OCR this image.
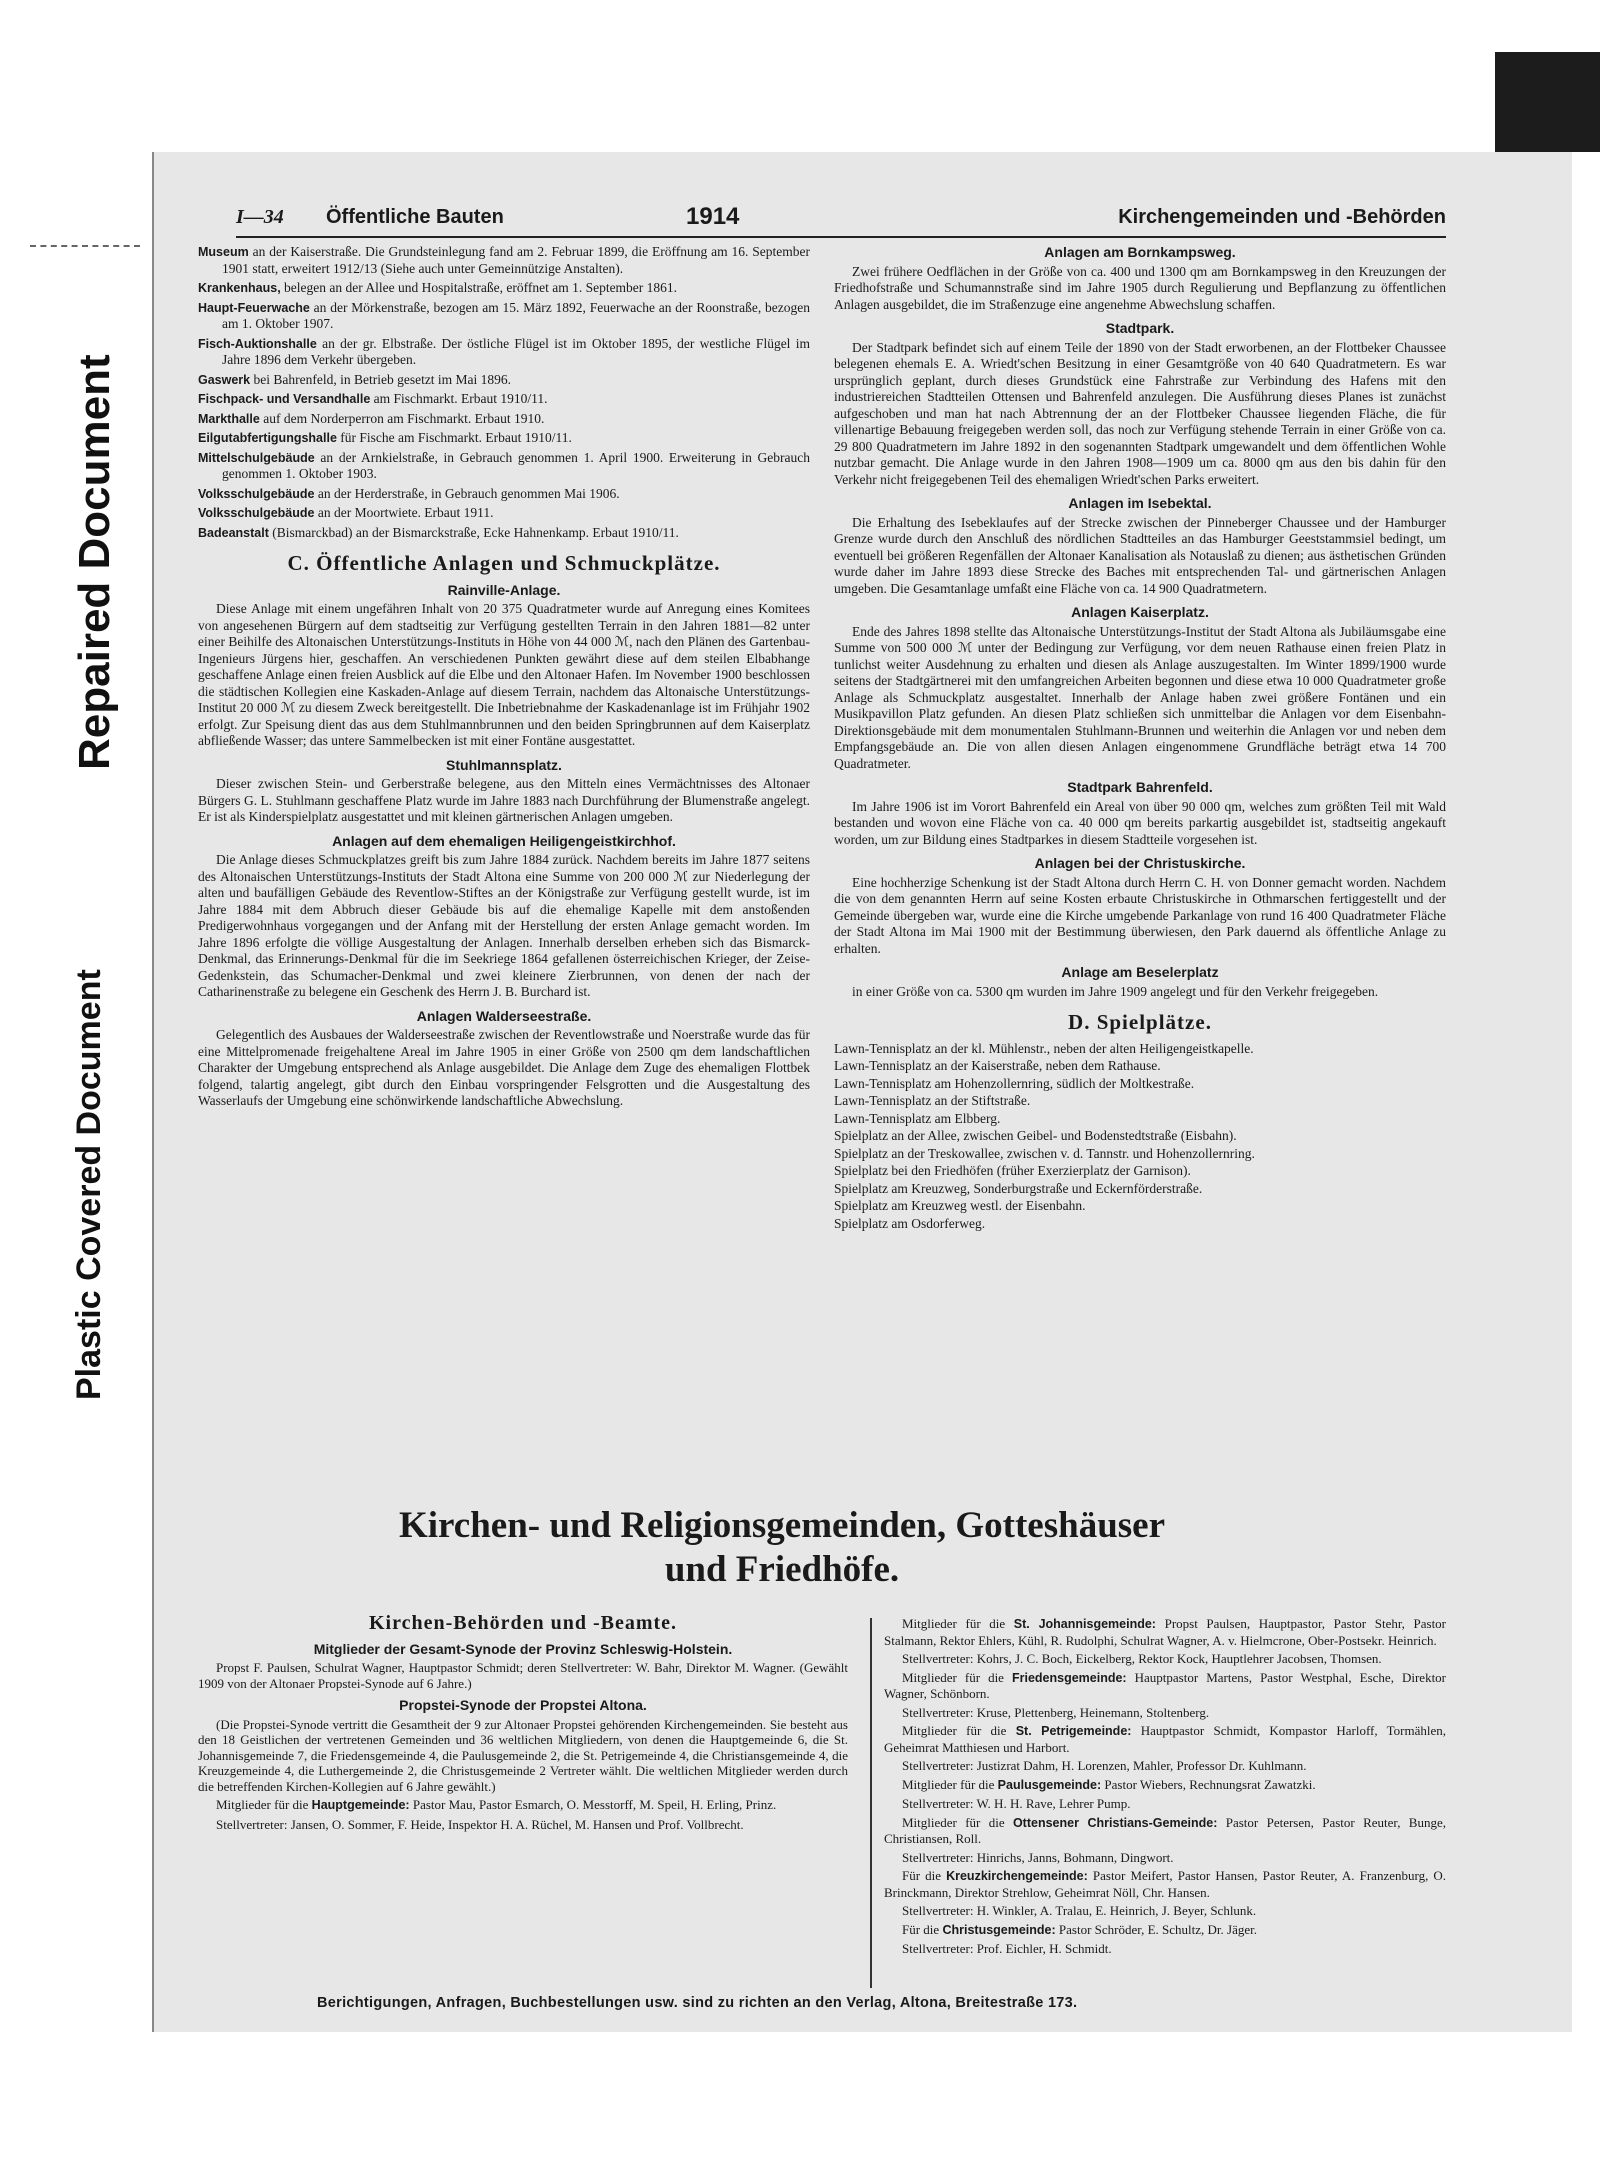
Repaired Document
Plastic Covered Document
I—34	Öffentliche Bauten	1914	Kirchengemeinden und -Behörden
Museum an der Kaiserstraße. Die Grundsteinlegung fand am 2. Februar 1899, die Eröffnung am 16. September 1901 statt, erweitert 1912/13 (Siehe auch unter Gemeinnützige Anstalten).
Krankenhaus, belegen an der Allee und Hospitalstraße, eröffnet am 1. September 1861.
Haupt-Feuerwache an der Mörkenstraße, bezogen am 15. März 1892, Feuerwache an der Roonstraße, bezogen am 1. Oktober 1907.
Fisch-Auktionshalle an der gr. Elbstraße. Der östliche Flügel ist im Oktober 1895, der westliche Flügel im Jahre 1896 dem Verkehr übergeben.
Gaswerk bei Bahrenfeld, in Betrieb gesetzt im Mai 1896.
Fischpack- und Versandhalle am Fischmarkt. Erbaut 1910/11.
Markthalle auf dem Norderperron am Fischmarkt. Erbaut 1910.
Eilgutabfertigungshalle für Fische am Fischmarkt. Erbaut 1910/11.
Mittelschulgebäude an der Arnkielstraße, in Gebrauch genommen 1. April 1900. Erweiterung in Gebrauch genommen 1. Oktober 1903.
Volksschulgebäude an der Herderstraße, in Gebrauch genommen Mai 1906.
Volksschulgebäude an der Moortwiete. Erbaut 1911.
Badeanstalt (Bismarckbad) an der Bismarckstraße, Ecke Hahnenkamp. Erbaut 1910/11.
C. Öffentliche Anlagen und Schmuckplätze.
Rainville-Anlage.

Diese Anlage mit einem ungefähren Inhalt von 20 375 Quadratmeter wurde auf Anregung eines Komitees von angesehenen Bürgern auf dem stadtseitig zur Verfügung gestellten Terrain in den Jahren 1881—82 unter einer Beihilfe des Altonaischen Unterstützungs-Instituts in Höhe von 44 000 ℳ, nach den Plänen des Gartenbau-Ingenieurs Jürgens hier, geschaffen. An verschiedenen Punkten gewährt diese auf dem steilen Elbabhange geschaffene Anlage einen freien Ausblick auf die Elbe und den Altonaer Hafen. Im November 1900 beschlossen die städtischen Kollegien eine Kaskaden-Anlage auf diesem Terrain, nachdem das Altonaische Unterstützungs-Institut 20 000 ℳ zu diesem Zweck bereitgestellt. Die Inbetriebnahme der Kaskadenanlage ist im Frühjahr 1902 erfolgt. Zur Speisung dient das aus dem Stuhlmannbrunnen und den beiden Springbrunnen auf dem Kaiserplatz abfließende Wasser; das untere Sammelbecken ist mit einer Fontäne ausgestattet.

Stuhlmannsplatz.

Dieser zwischen Stein- und Gerberstraße belegene, aus den Mitteln eines Vermächtnisses des Altonaer Bürgers G. L. Stuhlmann geschaffene Platz wurde im Jahre 1883 nach Durchführung der Blumenstraße angelegt. Er ist als Kinderspielplatz ausgestattet und mit kleinen gärtnerischen Anlagen umgeben.

Anlagen auf dem ehemaligen Heiligengeistkirchhof.

Die Anlage dieses Schmuckplatzes greift bis zum Jahre 1884 zurück. Nachdem bereits im Jahre 1877 seitens des Altonaischen Unterstützungs-Instituts der Stadt Altona eine Summe von 200 000 ℳ zur Niederlegung der alten und baufälligen Gebäude des Reventlow-Stiftes an der Königstraße zur Verfügung gestellt wurde, ist im Jahre 1884 mit dem Abbruch dieser Gebäude bis auf die ehemalige Kapelle mit dem anstoßenden Predigerwohnhaus vorgegangen und der Anfang mit der Herstellung der ersten Anlage gemacht worden. Im Jahre 1896 erfolgte die völlige Ausgestaltung der Anlagen. Innerhalb derselben erheben sich das Bismarck-Denkmal, das Erinnerungs-Denkmal für die im Seekriege 1864 gefallenen österreichischen Krieger, der Zeise-Gedenkstein, das Schumacher-Denkmal und zwei kleinere Zierbrunnen, von denen der nach der Catharinenstraße zu belegene ein Geschenk des Herrn J. B. Burchard ist.

Anlagen Walderseestraße.

Gelegentlich des Ausbaues der Walderseestraße zwischen der Reventlowstraße und Noerstraße wurde das für eine Mittelpromenade freigehaltene Areal im Jahre 1905 in einer Größe von 2500 qm dem landschaftlichen Charakter der Umgebung entsprechend als Anlage ausgebildet. Die Anlage dem Zuge des ehemaligen Flottbek folgend, talartig angelegt, gibt durch den Einbau vorspringender Felsgrotten und die Ausgestaltung des Wasserlaufs der Umgebung eine schönwirkende landschaftliche Abwechslung.

Anlagen am Bornkampsweg.

Zwei frühere Oedflächen in der Größe von ca. 400 und 1300 qm am Bornkampsweg in den Kreuzungen der Friedhofstraße und Schumannstraße sind im Jahre 1905 durch Regulierung und Bepflanzung zu öffentlichen Anlagen ausgebildet, die im Straßenzuge eine angenehme Abwechslung schaffen.

Stadtpark.

Der Stadtpark befindet sich auf einem Teile der 1890 von der Stadt erworbenen, an der Flottbeker Chaussee belegenen ehemals E. A. Wriedt'schen Besitzung in einer Gesamtgröße von 40 640 Quadratmetern. Es war ursprünglich geplant, durch dieses Grundstück eine Fahrstraße zur Verbindung des Hafens mit den industriereichen Stadtteilen Ottensen und Bahrenfeld anzulegen. Die Ausführung dieses Planes ist zunächst aufgeschoben und man hat nach Abtrennung der an der Flottbeker Chaussee liegenden Fläche, die für villenartige Bebauung freigegeben werden soll, das noch zur Verfügung stehende Terrain in einer Größe von ca. 29 800 Quadratmetern im Jahre 1892 in den sogenannten Stadtpark umgewandelt und dem öffentlichen Wohle nutzbar gemacht. Die Anlage wurde in den Jahren 1908—1909 um ca. 8000 qm aus den bis dahin für den Verkehr nicht freigegebenen Teil des ehemaligen Wriedt'schen Parks erweitert.

Anlagen im Isebektal.

Die Erhaltung des Isebeklaufes auf der Strecke zwischen der Pinneberger Chaussee und der Hamburger Grenze wurde durch den Anschluß des nördlichen Stadtteiles an das Hamburger Geeststammsiel bedingt, um eventuell bei größeren Regenfällen der Altonaer Kanalisation als Notauslaß zu dienen; aus ästhetischen Gründen wurde daher im Jahre 1893 diese Strecke des Baches mit entsprechenden Tal- und gärtnerischen Anlagen umgeben. Die Gesamtanlage umfaßt eine Fläche von ca. 14 900 Quadratmetern.

Anlagen Kaiserplatz.

Ende des Jahres 1898 stellte das Altonaische Unterstützungs-Institut der Stadt Altona als Jubiläumsgabe eine Summe von 500 000 ℳ unter der Bedingung zur Verfügung, vor dem neuen Rathause einen freien Platz in tunlichst weiter Ausdehnung zu erhalten und diesen als Anlage auszugestalten. Im Winter 1899/1900 wurde seitens der Stadtgärtnerei mit den umfangreichen Arbeiten begonnen und diese etwa 10 000 Quadratmeter große Anlage als Schmuckplatz ausgestaltet. Innerhalb der Anlage haben zwei größere Fontänen und ein Musikpavillon Platz gefunden. An diesen Platz schließen sich unmittelbar die Anlagen vor dem Eisenbahn-Direktionsgebäude mit dem monumentalen Stuhlmann-Brunnen und weiterhin die Anlagen vor und neben dem Empfangsgebäude an. Die von allen diesen Anlagen eingenommene Grundfläche beträgt etwa 14 700 Quadratmeter.

Stadtpark Bahrenfeld.

Im Jahre 1906 ist im Vorort Bahrenfeld ein Areal von über 90 000 qm, welches zum größten Teil mit Wald bestanden und wovon eine Fläche von ca. 40 000 qm bereits parkartig ausgebildet ist, stadtseitig angekauft worden, um zur Bildung eines Stadtparkes in diesem Stadtteile vorgesehen ist.

Anlagen bei der Christuskirche.

Eine hochherzige Schenkung ist der Stadt Altona durch Herrn C. H. von Donner gemacht worden. Nachdem die von dem genannten Herrn auf seine Kosten erbaute Christuskirche in Othmarschen fertiggestellt und der Gemeinde übergeben war, wurde eine die Kirche umgebende Parkanlage von rund 16 400 Quadratmeter Fläche der Stadt Altona im Mai 1900 mit der Bestimmung überwiesen, den Park dauernd als öffentliche Anlage zu erhalten.

Anlage am Beselerplatz

in einer Größe von ca. 5300 qm wurden im Jahre 1909 angelegt und für den Verkehr freigegeben.

D. Spielplätze.
Lawn-Tennisplatz an der kl. Mühlenstr., neben der alten Heiligengeistkapelle.
Lawn-Tennisplatz an der Kaiserstraße, neben dem Rathause.
Lawn-Tennisplatz am Hohenzollernring, südlich der Moltkestraße.
Lawn-Tennisplatz an der Stiftstraße.
Lawn-Tennisplatz am Elbberg.
Spielplatz an der Allee, zwischen Geibel- und Bodenstedtstraße (Eisbahn).
Spielplatz an der Treskowallee, zwischen v. d. Tannstr. und Hohenzollernring.
Spielplatz bei den Friedhöfen (früher Exerzierplatz der Garnison).
Spielplatz am Kreuzweg, Sonderburgstraße und Eckernförderstraße.
Spielplatz am Kreuzweg westl. der Eisenbahn.
Spielplatz am Osdorferweg.
Kirchen- und Religionsgemeinden, Gotteshäuser
und Friedhöfe.
Kirchen-Behörden und -Beamte.
Mitglieder der Gesamt-Synode der Provinz Schleswig-Holstein.

Propst F. Paulsen, Schulrat Wagner, Hauptpastor Schmidt; deren Stellvertreter: W. Bahr, Direktor M. Wagner. (Gewählt 1909 von der Altonaer Propstei-Synode auf 6 Jahre.)

Propstei-Synode der Propstei Altona.

(Die Propstei-Synode vertritt die Gesamtheit der 9 zur Altonaer Propstei gehörenden Kirchengemeinden. Sie besteht aus den 18 Geistlichen der vertretenen Gemeinden und 36 weltlichen Mitgliedern, von denen die Hauptgemeinde 6, die St. Johannisgemeinde 7, die Friedensgemeinde 4, die Paulusgemeinde 2, die St. Petrigemeinde 4, die Christiansgemeinde 4, die Kreuzgemeinde 4, die Luthergemeinde 2, die Christusgemeinde 2 Vertreter wählt. Die weltlichen Mitglieder werden durch die betreffenden Kirchen-Kollegien auf 6 Jahre gewählt.)

Mitglieder für die Hauptgemeinde: Pastor Mau, Pastor Esmarch, O. Messtorff, M. Speil, H. Erling, Prinz.

Stellvertreter: Jansen, O. Sommer, F. Heide, Inspektor H. A. Rüchel, M. Hansen und Prof. Vollbrecht.

Mitglieder für die St. Johannisgemeinde: Propst Paulsen, Hauptpastor, Pastor Stehr, Pastor Stalmann, Rektor Ehlers, Kühl, R. Rudolphi, Schulrat Wagner, A. v. Hielmcrone, Ober-Postsekr. Heinrich.

Stellvertreter: Kohrs, J. C. Boch, Eickelberg, Rektor Kock, Hauptlehrer Jacobsen, Thomsen.

Mitglieder für die Friedensgemeinde: Hauptpastor Martens, Pastor Westphal, Esche, Direktor Wagner, Schönborn.

Stellvertreter: Kruse, Plettenberg, Heinemann, Stoltenberg.

Mitglieder für die St. Petrigemeinde: Hauptpastor Schmidt, Kompastor Harloff, Tormählen, Geheimrat Matthiesen und Harbort.

Stellvertreter: Justizrat Dahm, H. Lorenzen, Mahler, Professor Dr. Kuhlmann.

Mitglieder für die Paulusgemeinde: Pastor Wiebers, Rechnungsrat Zawatzki.

Stellvertreter: W. H. H. Rave, Lehrer Pump.

Mitglieder für die Ottensener Christians-Gemeinde: Pastor Petersen, Pastor Reuter, Bunge, Christiansen, Roll.

Stellvertreter: Hinrichs, Janns, Bohmann, Dingwort.

Für die Kreuzkirchengemeinde: Pastor Meifert, Pastor Hansen, Pastor Reuter, A. Franzenburg, O. Brinckmann, Direktor Strehlow, Geheimrat Nöll, Chr. Hansen.

Stellvertreter: H. Winkler, A. Tralau, E. Heinrich, J. Beyer, Schlunk.

Für die Christusgemeinde: Pastor Schröder, E. Schultz, Dr. Jäger.

Stellvertreter: Prof. Eichler, H. Schmidt.

Berichtigungen, Anfragen, Buchbestellungen usw. sind zu richten an den Verlag, Altona, Breitestraße 173.
